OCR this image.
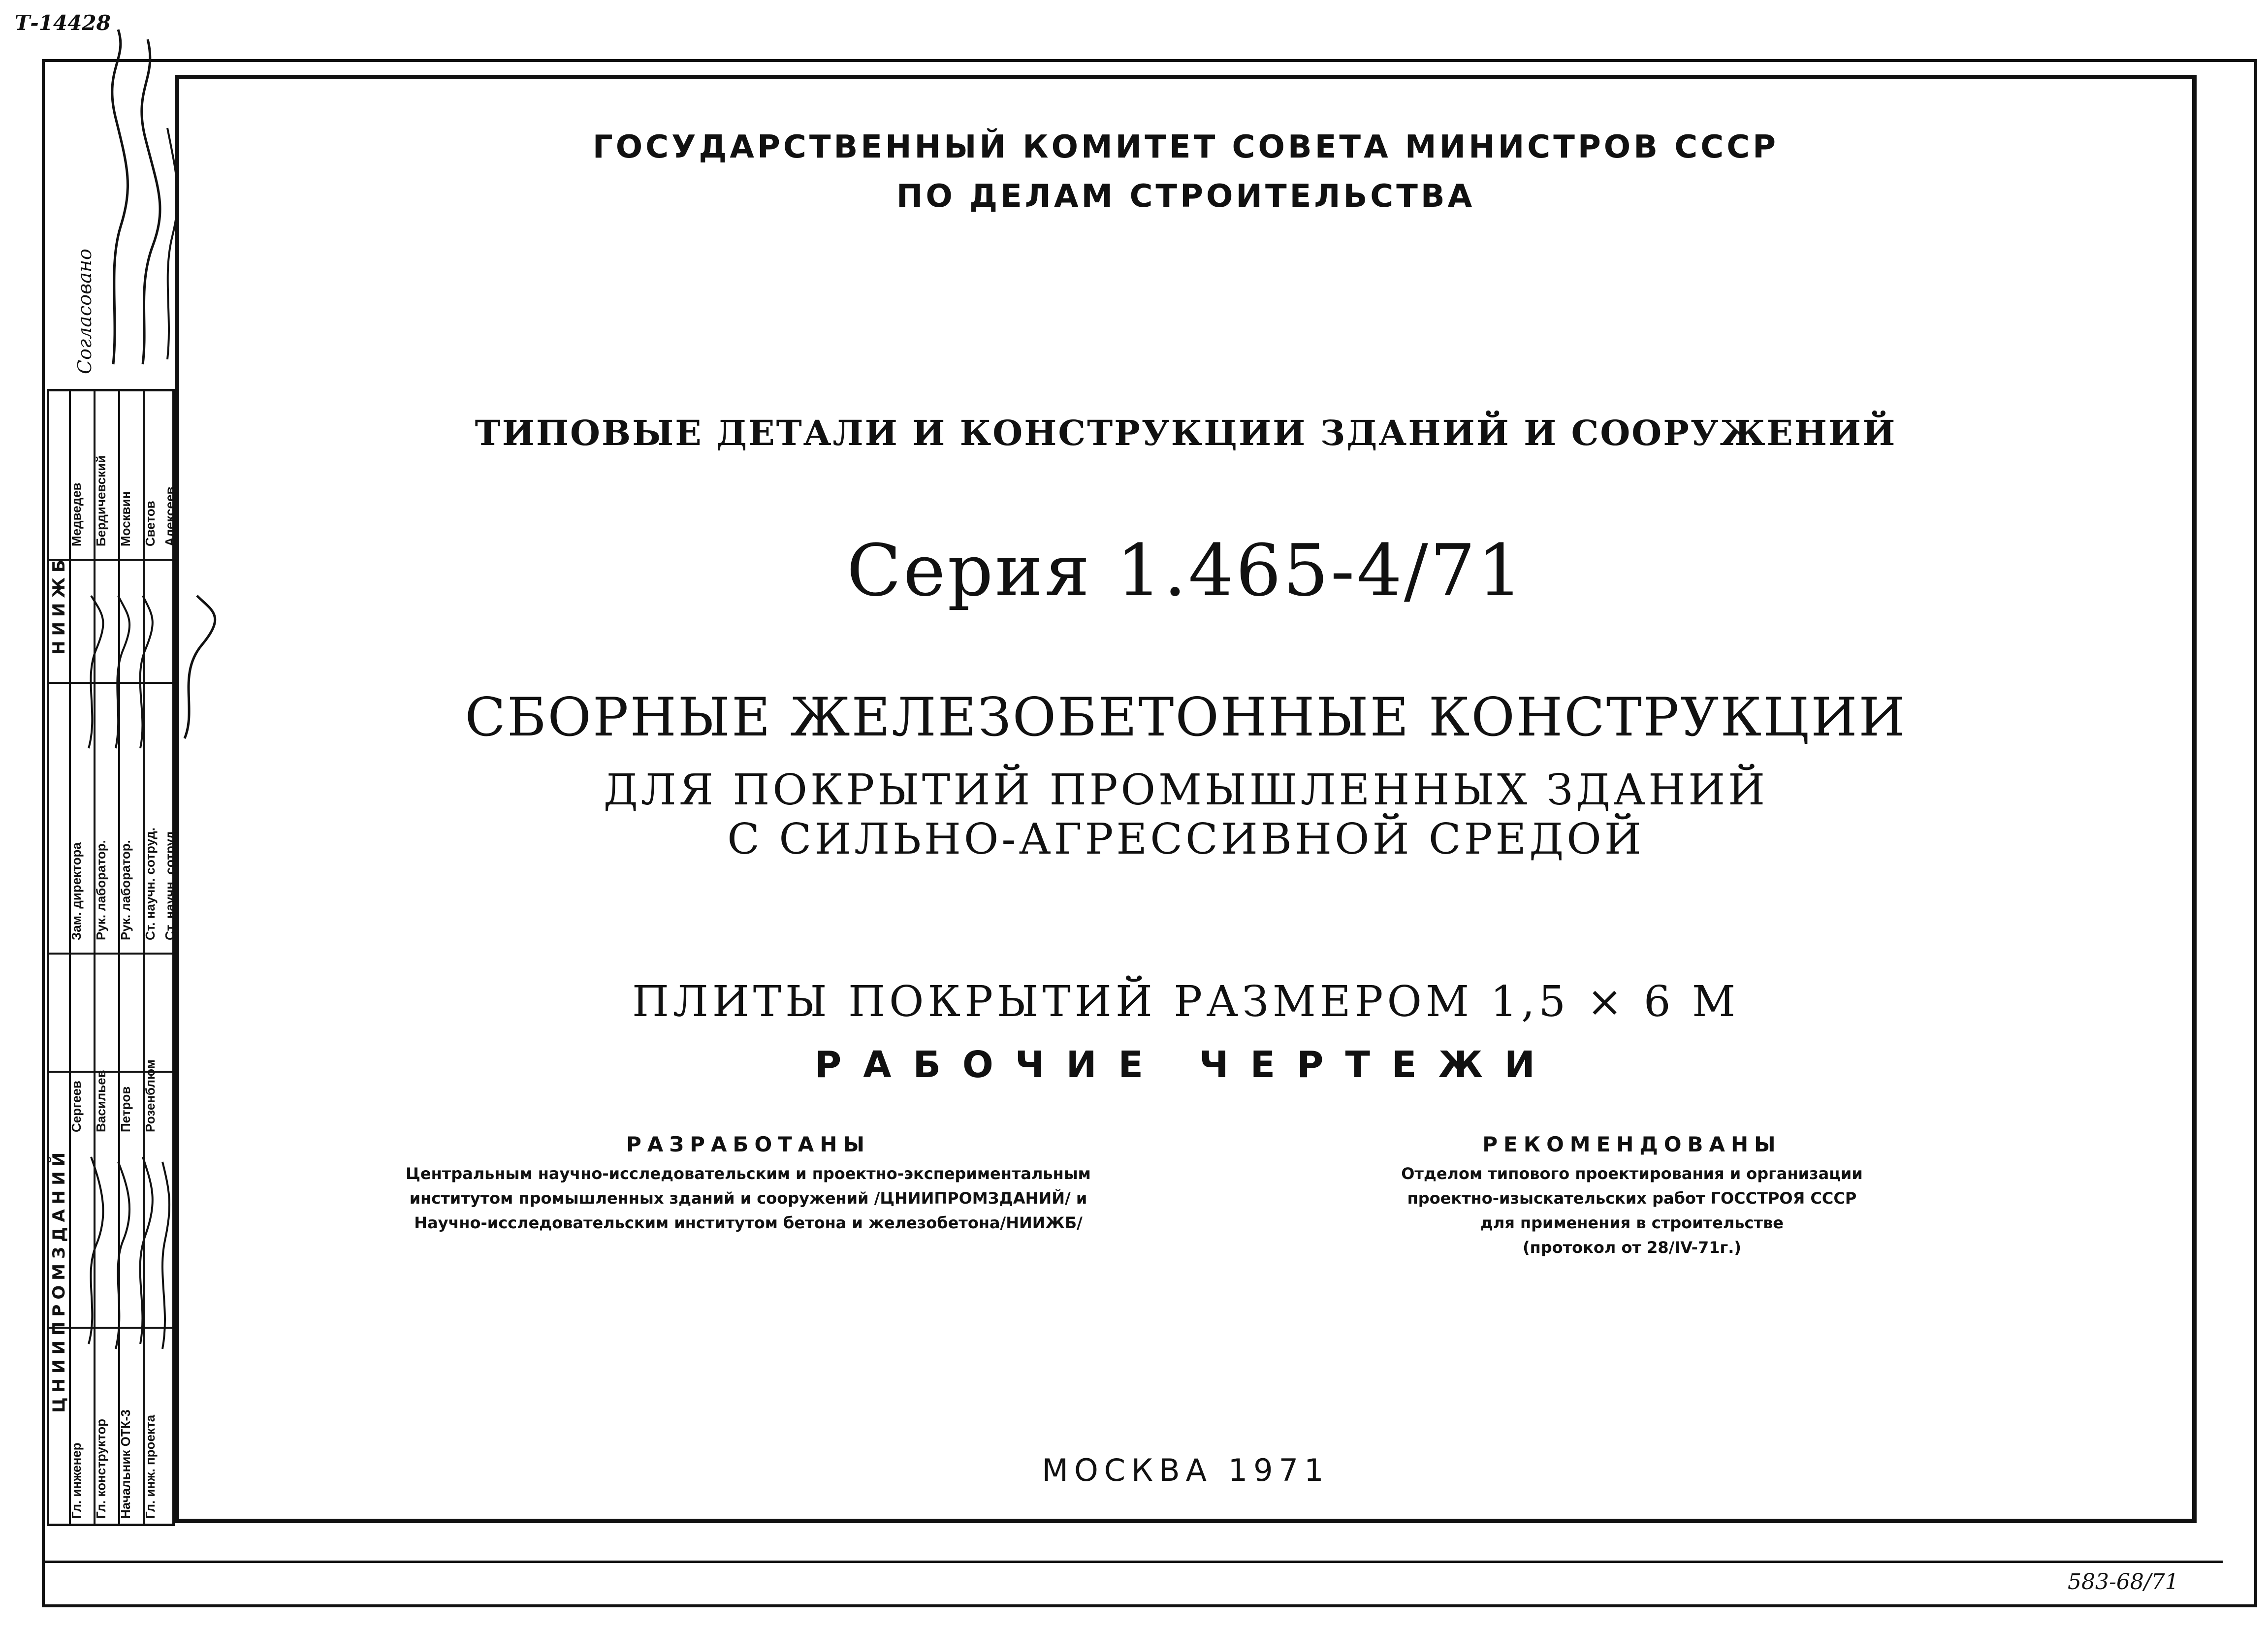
Т-14428
Согласовано
ЦНИИПРОМЗДАНИЙ
НИИЖБ
Гл. инженер Гл. конструктор Начальник ОТК-3 Гл. инж. проекта
Сергеев Васильев Петров Розенблюм
Зам. директора Рук. лаборатор. Рук. лаборатор. Ст. научн. сотруд. Ст. научн. сотруд.
Медведев Бердичевский Москвин Светов Алексеев
ГОСУДАРСТВЕННЫЙ КОМИТЕТ СОВЕТА МИНИСТРОВ СССР
ПО ДЕЛАМ СТРОИТЕЛЬСТВА
ТИПОВЫЕ ДЕТАЛИ И КОНСТРУКЦИИ ЗДАНИЙ И СООРУЖЕНИЙ
Серия 1.465-4/71
СБОРНЫЕ ЖЕЛЕЗОБЕТОННЫЕ КОНСТРУКЦИИ
ДЛЯ ПОКРЫТИЙ ПРОМЫШЛЕННЫХ ЗДАНИЙ
С СИЛЬНО-АГРЕССИВНОЙ СРЕДОЙ
ПЛИТЫ ПОКРЫТИЙ РАЗМЕРОМ 1,5 × 6 М
РАБОЧИЕ ЧЕРТЕЖИ
РАЗРАБОТАНЫ
Центральным научно-исследовательским и проектно-экспериментальным
институтом промышленных зданий и сооружений /ЦНИИПРОМЗДАНИЙ/ и
Научно-исследовательским институтом бетона и железобетона/НИИЖБ/
РЕКОМЕНДОВАНЫ
Отделом типового проектирования и организации
проектно-изыскательских работ ГОССТРОЯ СССР
для применения в строительстве
(протокол от 28/IV-71г.)
МОСКВА 1971
583-68/71
